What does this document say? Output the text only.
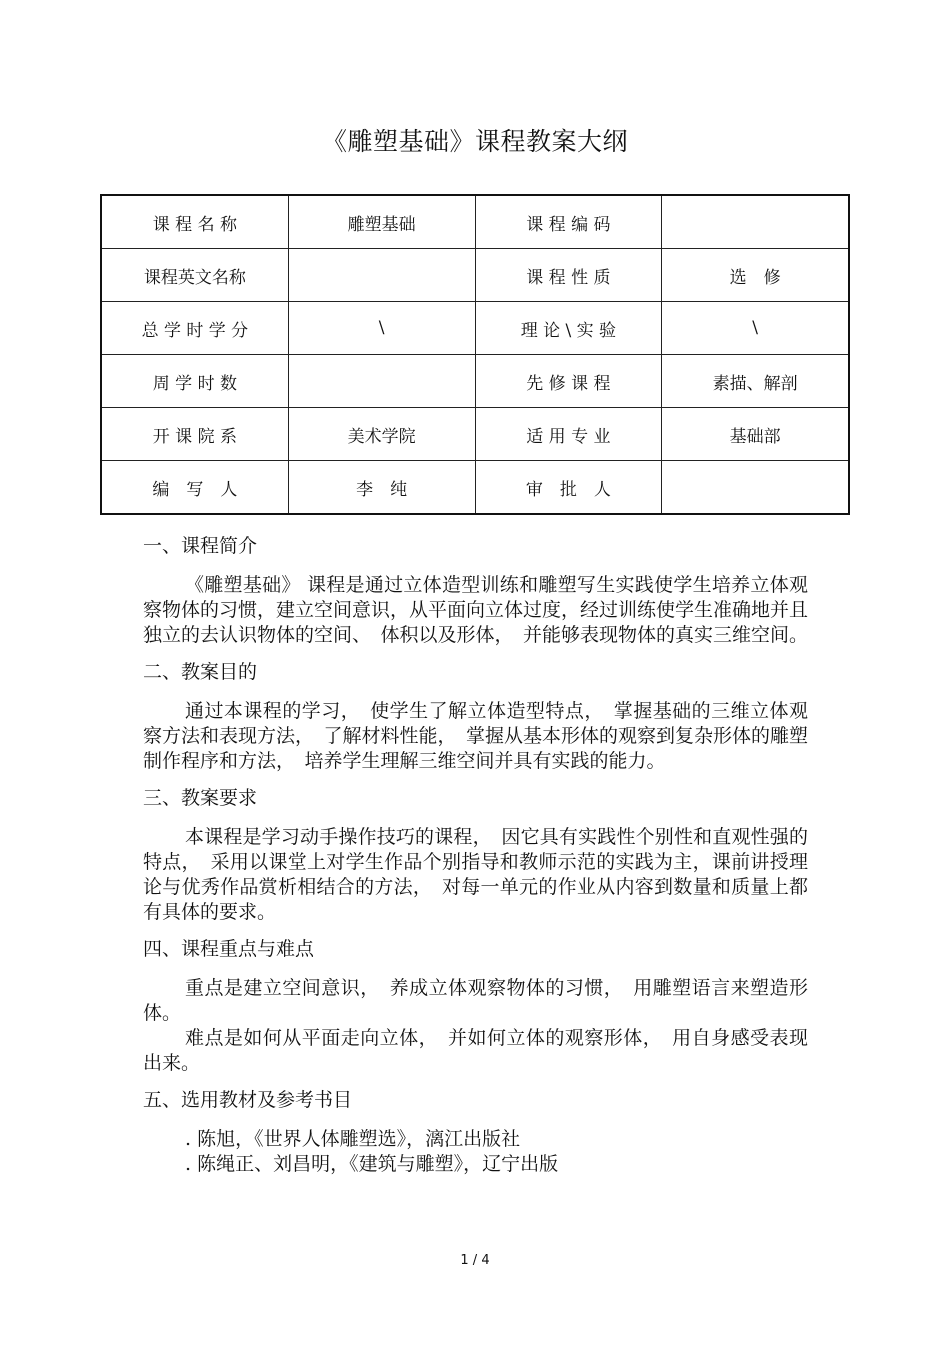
《雕塑基础》课程教案大纲
课 程 名 称	雕塑基础	课 程 编 码	
课程英文名称		课 程 性 质	选　修
总 学 时 学 分	\	理 论 \ 实 验	\
周 学 时 数		先 修 课 程	素描、解剖
开 课 院 系	美术学院	适 用 专 业	基础部
编　写　人	李　纯	审　批　人	
一、课程简介

《雕塑基础》 课程是通过立体造型训练和雕塑写生实践使学生培养立体观察物体的习惯，建立空间意识，从平面向立体过度，经过训练使学生准确地并且独立的去认识物体的空间、　体积以及形体，　并能够表现物体的真实三维空间。

二、教案目的

通过本课程的学习，　使学生了解立体造型特点，　掌握基础的三维立体观察方法和表现方法，　了解材料性能，　掌握从基本形体的观察到复杂形体的雕塑制作程序和方法，　培养学生理解三维空间并具有实践的能力。

三、教案要求

本课程是学习动手操作技巧的课程，　因它具有实践性个别性和直观性强的特点，　采用以课堂上对学生作品个别指导和教师示范的实践为主，课前讲授理论与优秀作品赏析相结合的方法，　对每一单元的作业从内容到数量和质量上都有具体的要求。

四、课程重点与难点

重点是建立空间意识，　养成立体观察物体的习惯，　用雕塑语言来塑造形体。

难点是如何从平面走向立体，　并如何立体的观察形体，　用自身感受表现出来。

五、选用教材及参考书目
. 陈旭，《世界人体雕塑选》，漓江出版社
. 陈绳正、刘昌明，《建筑与雕塑》，辽宁出版
1 / 4
